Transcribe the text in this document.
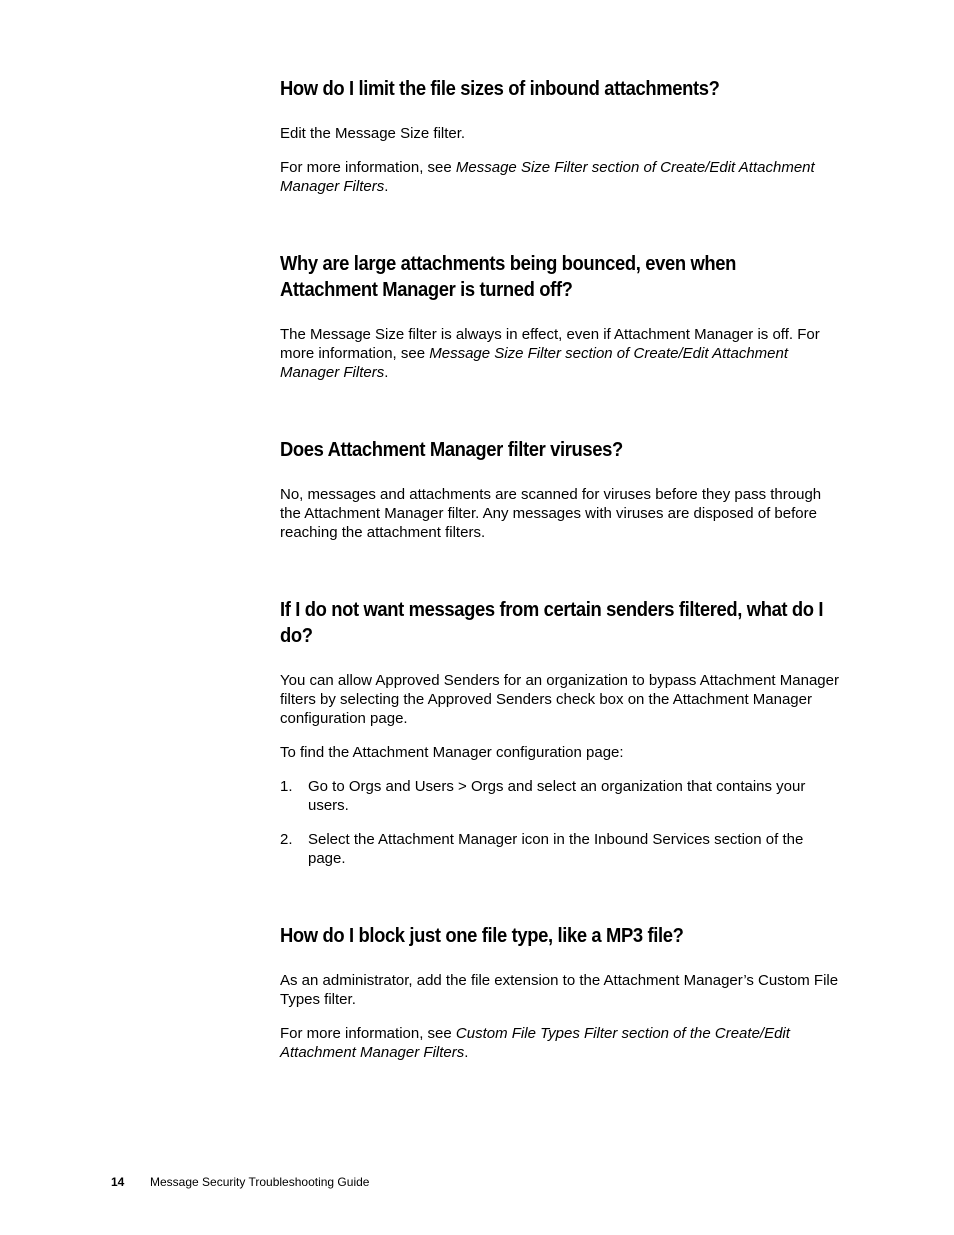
How do I limit the file sizes of inbound attachments?

Edit the Message Size filter.

For more information, see Message Size Filter section of Create/Edit Attachment Manager Filters.

Why are large attachments being bounced, even when Attachment Manager is turned off?

The Message Size filter is always in effect, even if Attachment Manager is off. For more information, see Message Size Filter section of Create/Edit Attachment Manager Filters.

Does Attachment Manager filter viruses?

No, messages and attachments are scanned for viruses before they pass through the Attachment Manager filter. Any messages with viruses are disposed of before reaching the attachment filters.

If I do not want messages from certain senders filtered, what do I do?

You can allow Approved Senders for an organization to bypass Attachment Manager filters by selecting the Approved Senders check box on the Attachment Manager configuration page.

To find the Attachment Manager configuration page:

1. Go to Orgs and Users > Orgs and select an organization that contains your users.
2. Select the Attachment Manager icon in the Inbound Services section of the page.
How do I block just one file type, like a MP3 file?

As an administrator, add the file extension to the Attachment Manager’s Custom File Types filter.

For more information, see Custom File Types Filter section of the Create/Edit Attachment Manager Filters.

14 Message Security Troubleshooting Guide
